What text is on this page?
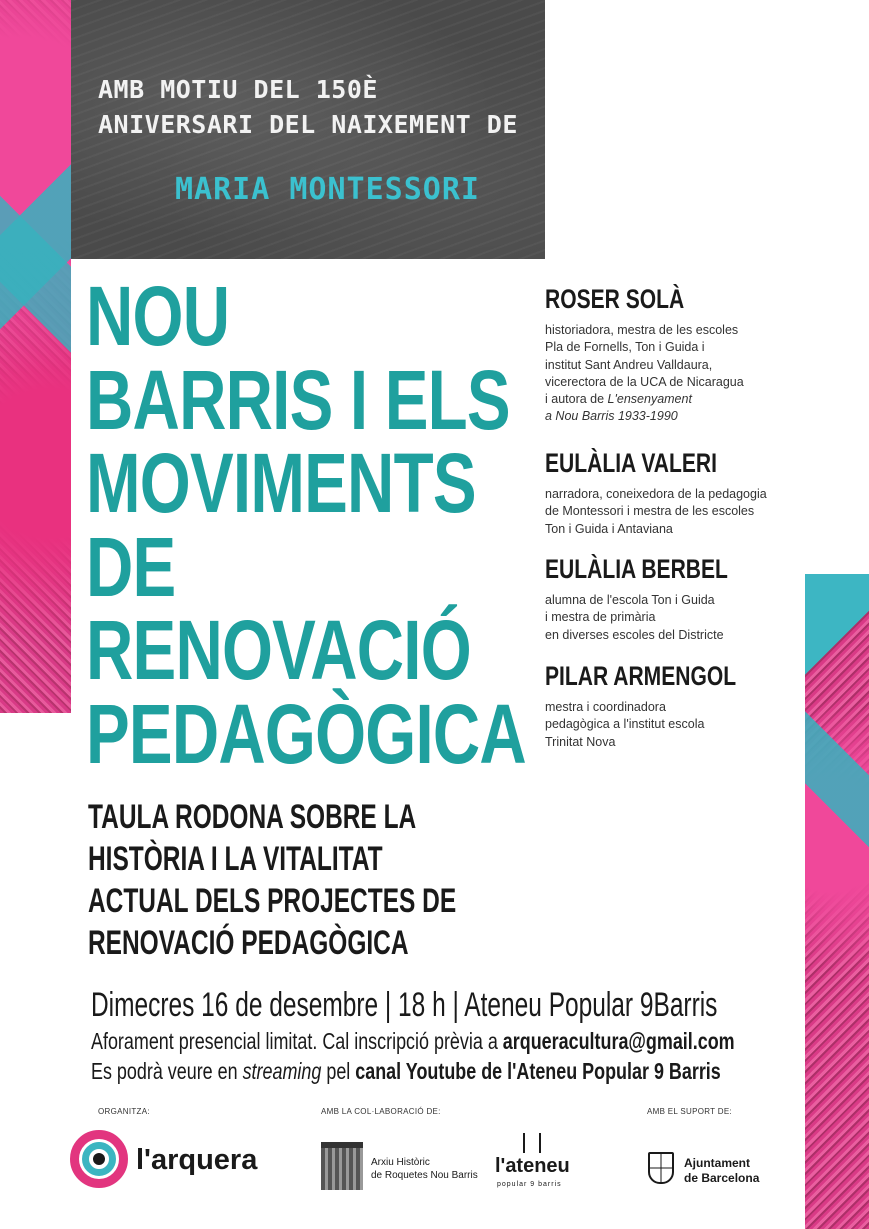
AMB MOTIU DEL 150È
ANIVERSARI DEL NAIXEMENT DE
MARIA MONTESSORI
NOU
BARRIS I ELS
MOVIMENTS
DE
RENOVACIÓ
PEDAGÒGICA
TAULA RODONA SOBRE LA
HISTÒRIA I LA VITALITAT
ACTUAL DELS PROJECTES DE
RENOVACIÓ PEDAGÒGICA
ROSER SOLÀ
historiadora, mestra de les escoles
Pla de Fornells, Ton i Guida i
institut Sant Andreu Valldaura,
vicerectora de la UCA de Nicaragua
i autora de L'ensenyament
a Nou Barris 1933-1990
EULÀLIA VALERI
narradora, coneixedora de la pedagogia
de Montessori i mestra de les escoles
Ton i Guida i Antaviana
EULÀLIA BERBEL
alumna de l'escola Ton i Guida
i mestra de primària
en diverses escoles del Districte
PILAR ARMENGOL
mestra i coordinadora
pedagògica a l'institut escola
Trinitat Nova
Dimecres 16 de desembre | 18 h | Ateneu Popular 9Barris
Aforament presencial limitat. Cal inscripció prèvia a arqueracultura@gmail.com
Es podrà veure en streaming pel canal Youtube de l'Ateneu Popular 9 Barris
ORGANITZA:	AMB LA COL·LABORACIÓ DE:	AMB EL SUPORT DE:
l'arquera	Arxiu Històric
de Roquetes Nou Barris l'ateneu
popular 9 barris
Ajuntament
de Barcelona
